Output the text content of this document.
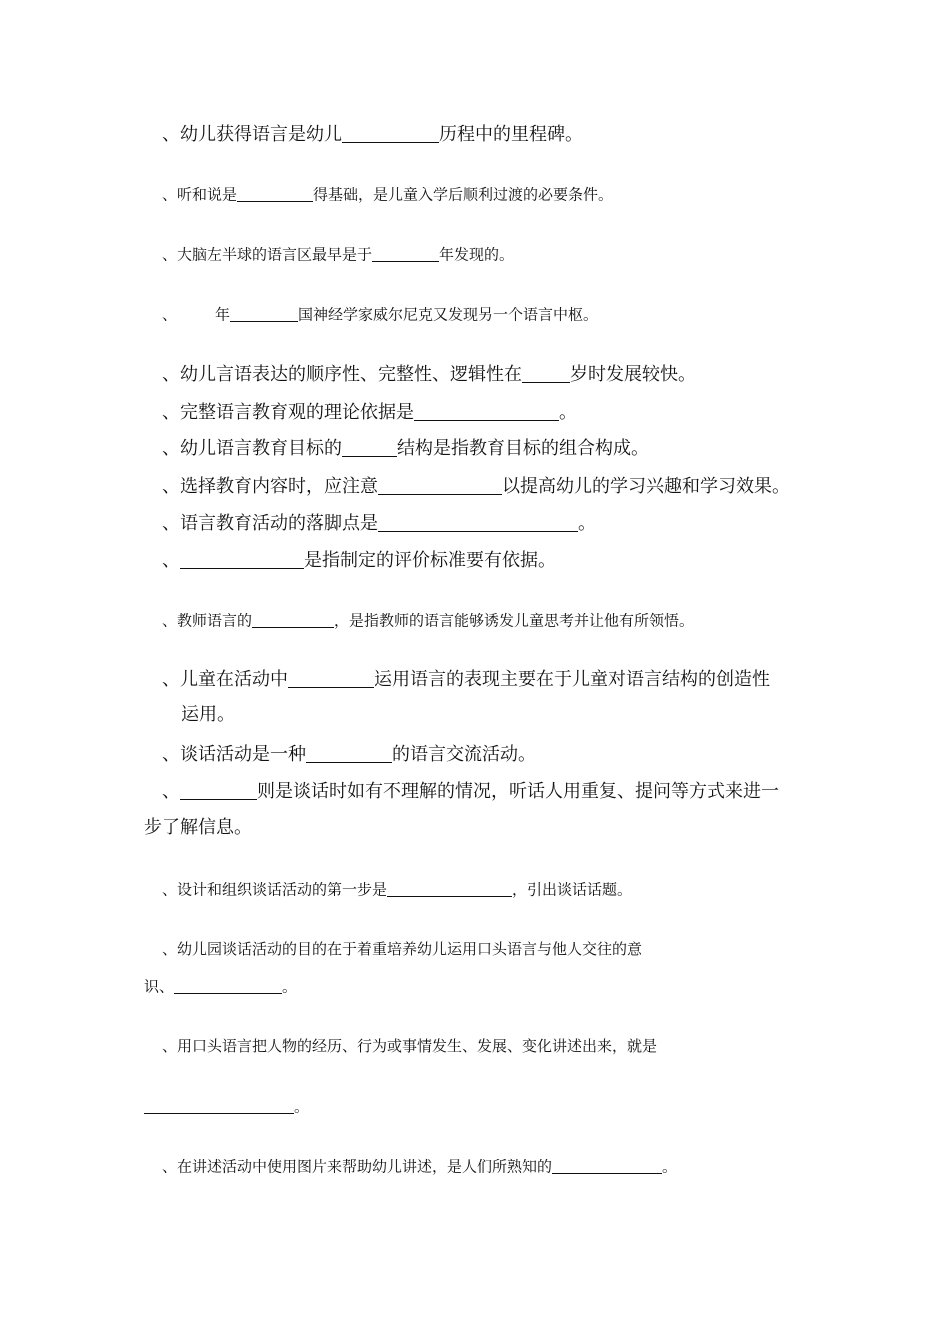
、幼儿获得语言是幼儿	历程中的里程碑。
、听和说是	得基础，是儿童入学后顺利过渡的必要条件。
、大脑左半球的语言区最早是于	年发现的。
、	年	国神经学家威尔尼克又发现另一个语言中枢。
、幼儿言语表达的顺序性、完整性、逻辑性在	岁时发展较快。
、完整语言教育观的理论依据是	。
、幼儿语言教育目标的	结构是指教育目标的组合构成。
、选择教育内容时，应注意	以提高幼儿的学习兴趣和学习效果。
、语言教育活动的落脚点是	。
、	是指制定的评价标准要有依据。
、教师语言的	，是指教师的语言能够诱发儿童思考并让他有所领悟。
、儿童在活动中	运用语言的表现主要在于儿童对语言结构的创造性
运用。
、谈话活动是一种	的语言交流活动。
、	则是谈话时如有不理解的情况，听话人用重复、提问等方式来进一
步了解信息。
、设计和组织谈话活动的第一步是	，引出谈话话题。
、幼儿园谈话活动的目的在于着重培养幼儿运用口头语言与他人交往的意
识、	。
、用口头语言把人物的经历、行为或事情发生、发展、变化讲述出来，就是
。
、在讲述活动中使用图片来帮助幼儿讲述，是人们所熟知的	。
